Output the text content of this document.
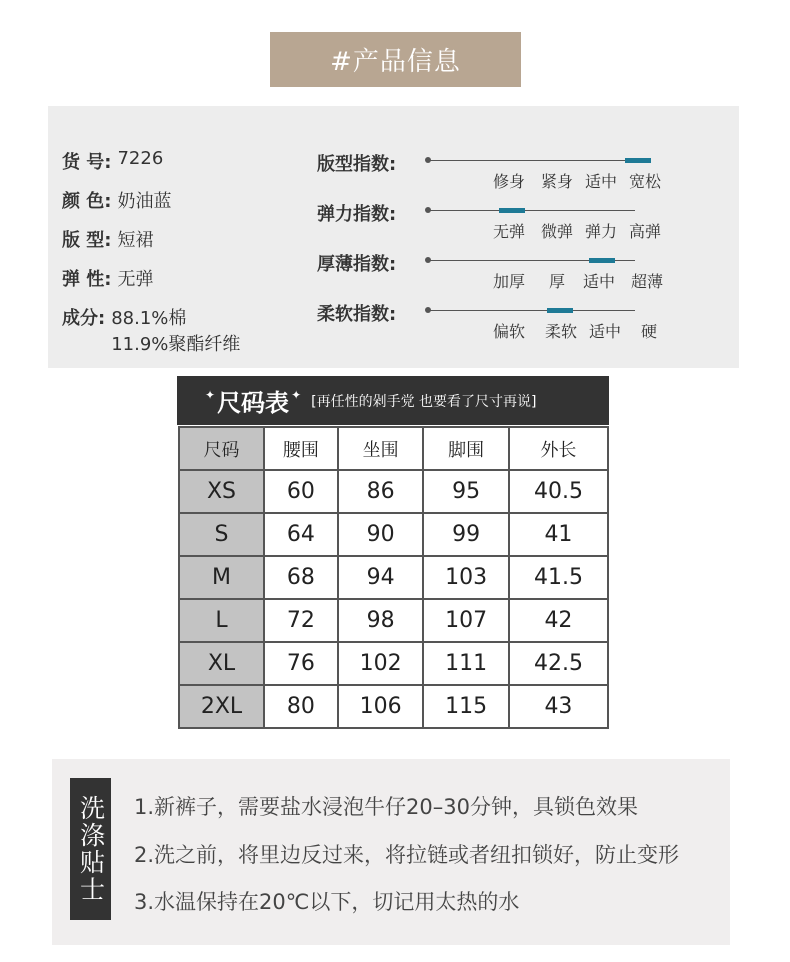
#产品信息
货 号: 7226
颜 色: 奶油蓝
版 型: 短裙
弹 性: 无弹
成分: 88.1%棉
11.9%聚酯纤维
版型指数:
修身 紧身 适中 宽松
弹力指数:
无弹 微弹 弹力 高弹
厚薄指数:
加厚 厚 适中 超薄
柔软指数:
偏软 柔软 适中 硬
✦ 尺码表 ✦ [再任性的剁手党 也要看了尺寸再说]
尺码	腰围	坐围	脚围	外长
XS	60	86	95	40.5
S	64	90	99	41
M	68	94	103	41.5
L	72	98	107	42
XL	76	102	111	42.5
2XL	80	106	115	43
洗涤贴士 1.新裤子，需要盐水浸泡牛仔20–30分钟，具锁色效果
2.洗之前，将里边反过来，将拉链或者纽扣锁好，防止变形
3.水温保持在20℃以下，切记用太热的水
